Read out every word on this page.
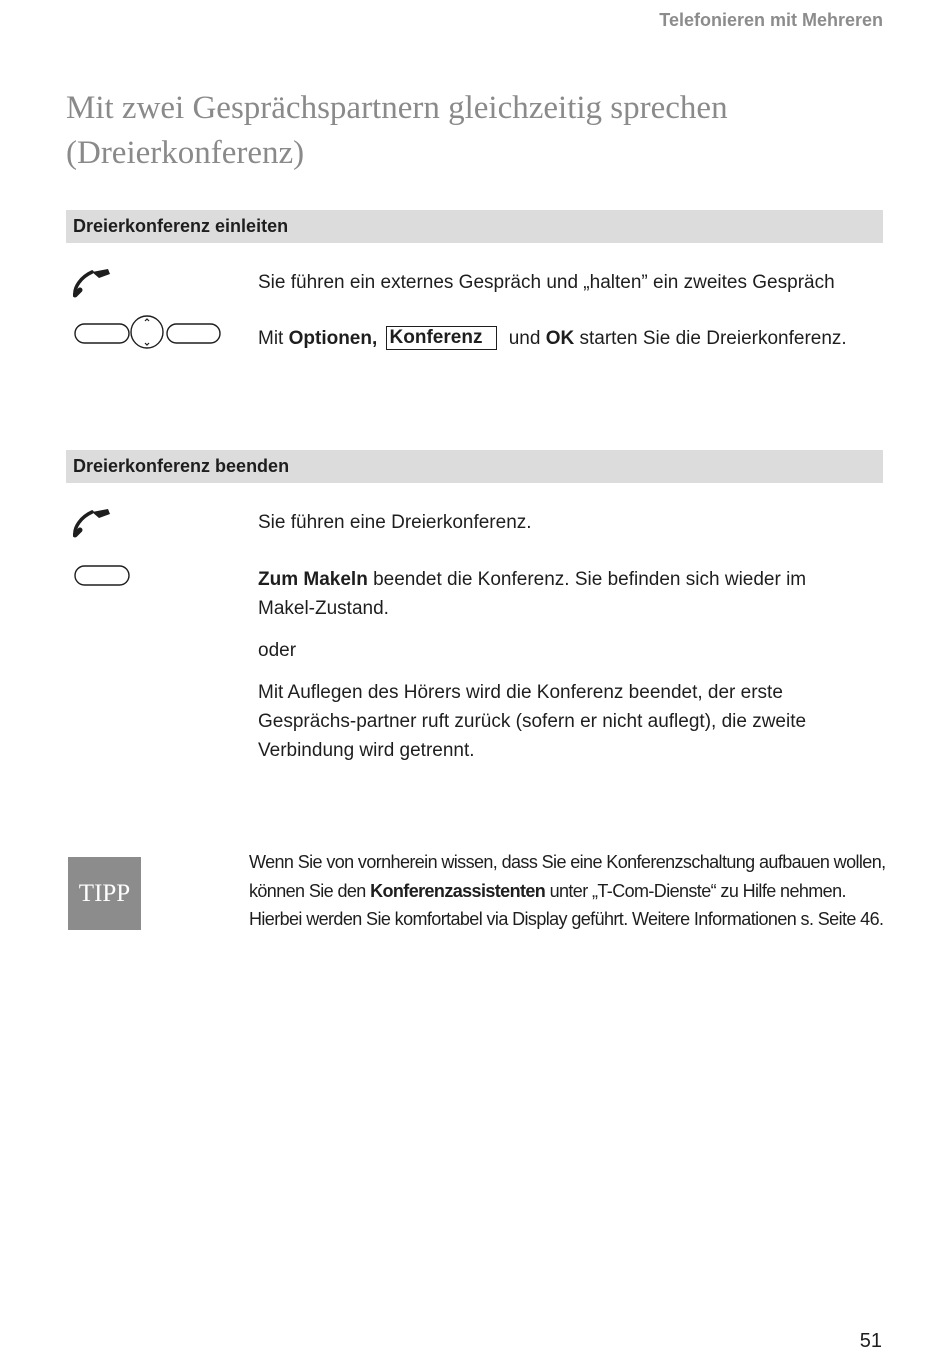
Telefonieren mit Mehreren
Mit zwei Gesprächspartnern gleichzeitig sprechen
(Dreierkonferenz)
Dreierkonferenz einleiten

Sie führen ein externes Gespräch und „halten” ein zweites Gespräch

Mit Optionen, Konferenz und OK starten Sie die Dreierkonferenz.

Dreierkonferenz beenden

Sie führen eine Dreierkonferenz.

Zum Makeln beendet die Konferenz. Sie befinden sich wieder im Makel-Zustand.

oder

Mit Auflegen des Hörers wird die Konferenz beendet, der erste Gesprächs-partner ruft zurück (sofern er nicht auflegt), die zweite Verbindung wird getrennt.

TIPP

Wenn Sie von vornherein wissen, dass Sie eine Konferenzschaltung aufbauen wollen, können Sie den Konferenzassistenten unter „T-Com-Dienste“ zu Hilfe nehmen. Hierbei werden Sie komfortabel via Display geführt. Weitere Informationen s. Seite 46.

51
